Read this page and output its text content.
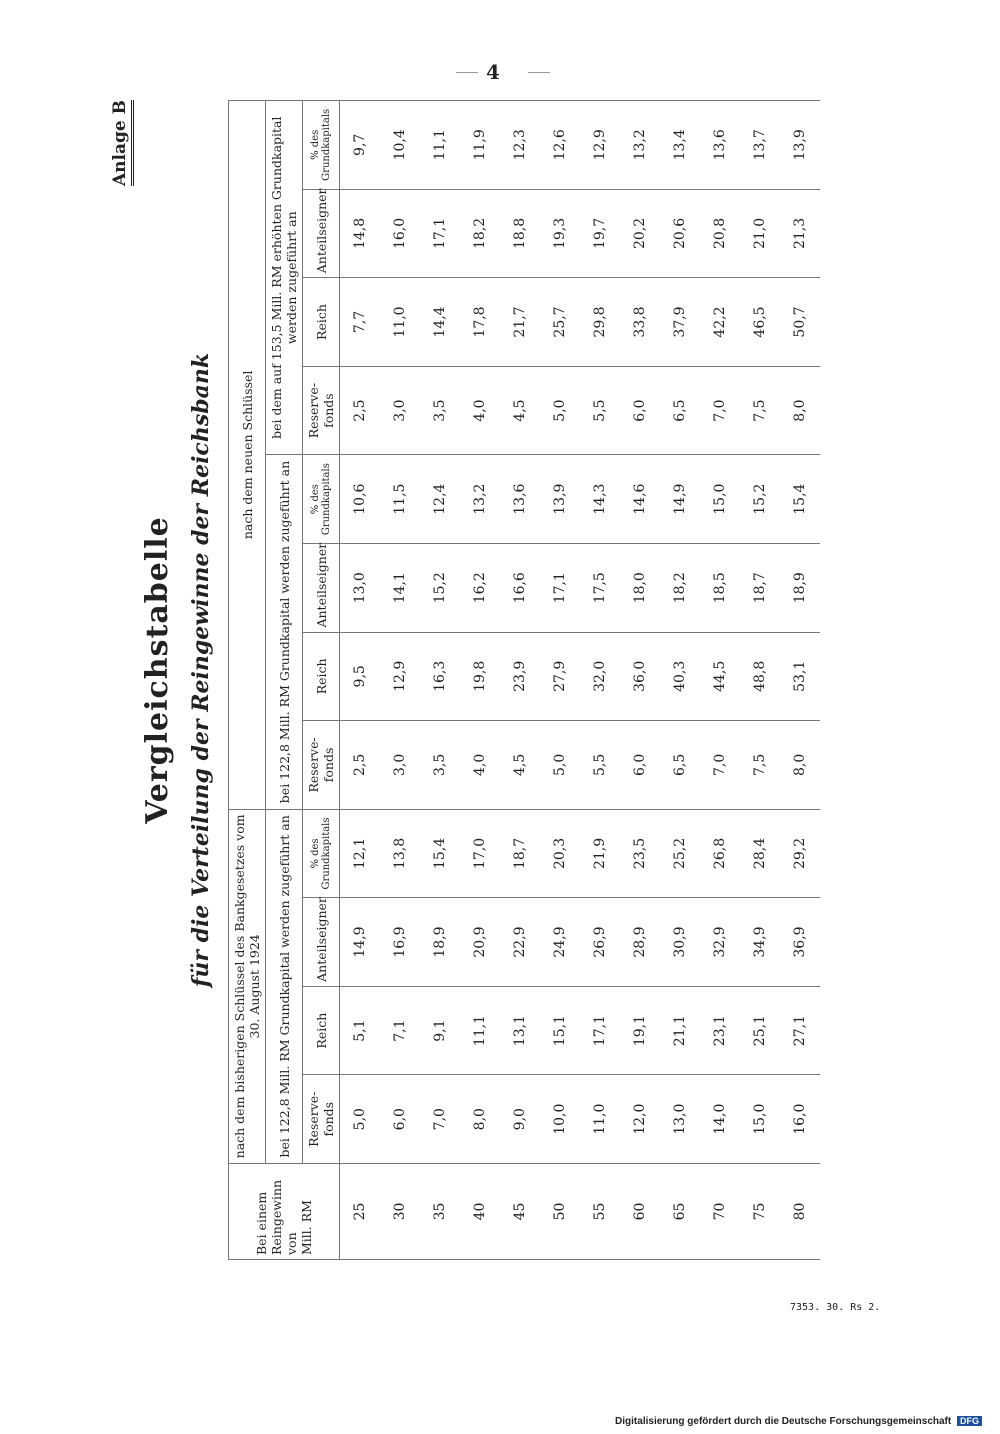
4
Anlage B
Vergleichstabelle für die Verteilung der Reingewinne der Reichsbank
Bei einem
Reingewinn
von
Mill. RM	nach dem bisherigen Schlüssel des Bankgesetzes vom 30. August 1924				nach dem neuen Schlüssel							
	bei 122,8 Mill. RM Grundkapital werden zugeführt an				bei 122,8 Mill. RM Grundkapital werden zugeführt an				bei dem auf 153,5 Mill. RM erhöhten Grundkapital werden zugeführt an			
	Reserve-fonds	Reich	Anteilseigner	% des Grundkapitals	Reserve-fonds	Reich	Anteilseigner	% des Grundkapitals	Reserve-fonds	Reich	Anteilseigner	% des Grundkapitals
25	5,0	5,1	14,9	12,1	2,5	9,5	13,0	10,6	2,5	7,7	14,8	9,7
30	6,0	7,1	16,9	13,8	3,0	12,9	14,1	11,5	3,0	11,0	16,0	10,4
35	7,0	9,1	18,9	15,4	3,5	16,3	15,2	12,4	3,5	14,4	17,1	11,1
40	8,0	11,1	20,9	17,0	4,0	19,8	16,2	13,2	4,0	17,8	18,2	11,9
45	9,0	13,1	22,9	18,7	4,5	23,9	16,6	13,6	4,5	21,7	18,8	12,3
50	10,0	15,1	24,9	20,3	5,0	27,9	17,1	13,9	5,0	25,7	19,3	12,6
55	11,0	17,1	26,9	21,9	5,5	32,0	17,5	14,3	5,5	29,8	19,7	12,9
60	12,0	19,1	28,9	23,5	6,0	36,0	18,0	14,6	6,0	33,8	20,2	13,2
65	13,0	21,1	30,9	25,2	6,5	40,3	18,2	14,9	6,5	37,9	20,6	13,4
70	14,0	23,1	32,9	26,8	7,0	44,5	18,5	15,0	7,0	42,2	20,8	13,6
75	15,0	25,1	34,9	28,4	7,5	48,8	18,7	15,2	7,5	46,5	21,0	13,7
80	16,0	27,1	36,9	29,2	8,0	53,1	18,9	15,4	8,0	50,7	21,3	13,9
7353. 30. Rs 2.
Digitalisierung gefördert durch die Deutsche Forschungsgemeinschaft DFG
